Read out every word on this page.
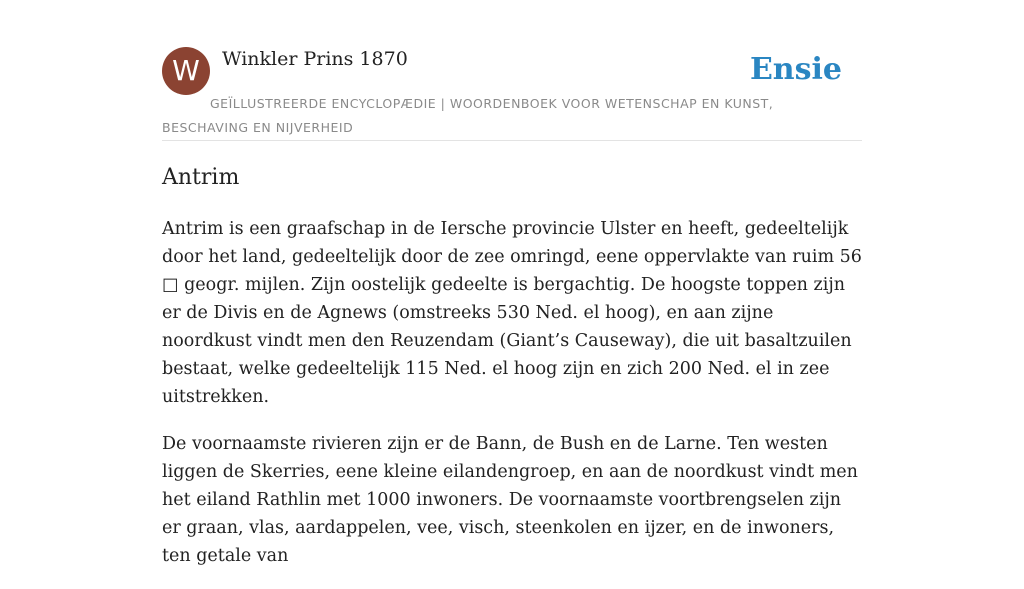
W	Winkler Prins 1870	Ensie
GEÏLLUSTREERDE ENCYCLOPÆDIE | WOORDENBOEK VOOR WETENSCHAP EN KUNST, BESCHAVING EN NIJVERHEID
Antrim

Antrim is een graafschap in de Iersche provincie Ulster en heeft, gedeeltelijk door het land, gedeeltelijk door de zee omringd, eene oppervlakte van ruim 56 □ geogr. mijlen. Zijn oostelijk gedeelte is bergachtig. De hoogste toppen zijn er de Divis en de Agnews (omstreeks 530 Ned. el hoog), en aan zijne noordkust vindt men den Reuzendam (Giant’s Causeway), die uit basaltzuilen bestaat, welke gedeeltelijk 115 Ned. el hoog zijn en zich 200 Ned. el in zee uitstrekken.

De voornaamste rivieren zijn er de Bann, de Bush en de Larne. Ten westen liggen de Skerries, eene kleine eilandengroep, en aan de noordkust vindt men het eiland Rathlin met 1000 inwoners. De voornaamste voortbrengselen zijn er graan, vlas, aardappelen, vee, visch, steenkolen en ijzer, en de inwoners, ten getale van
